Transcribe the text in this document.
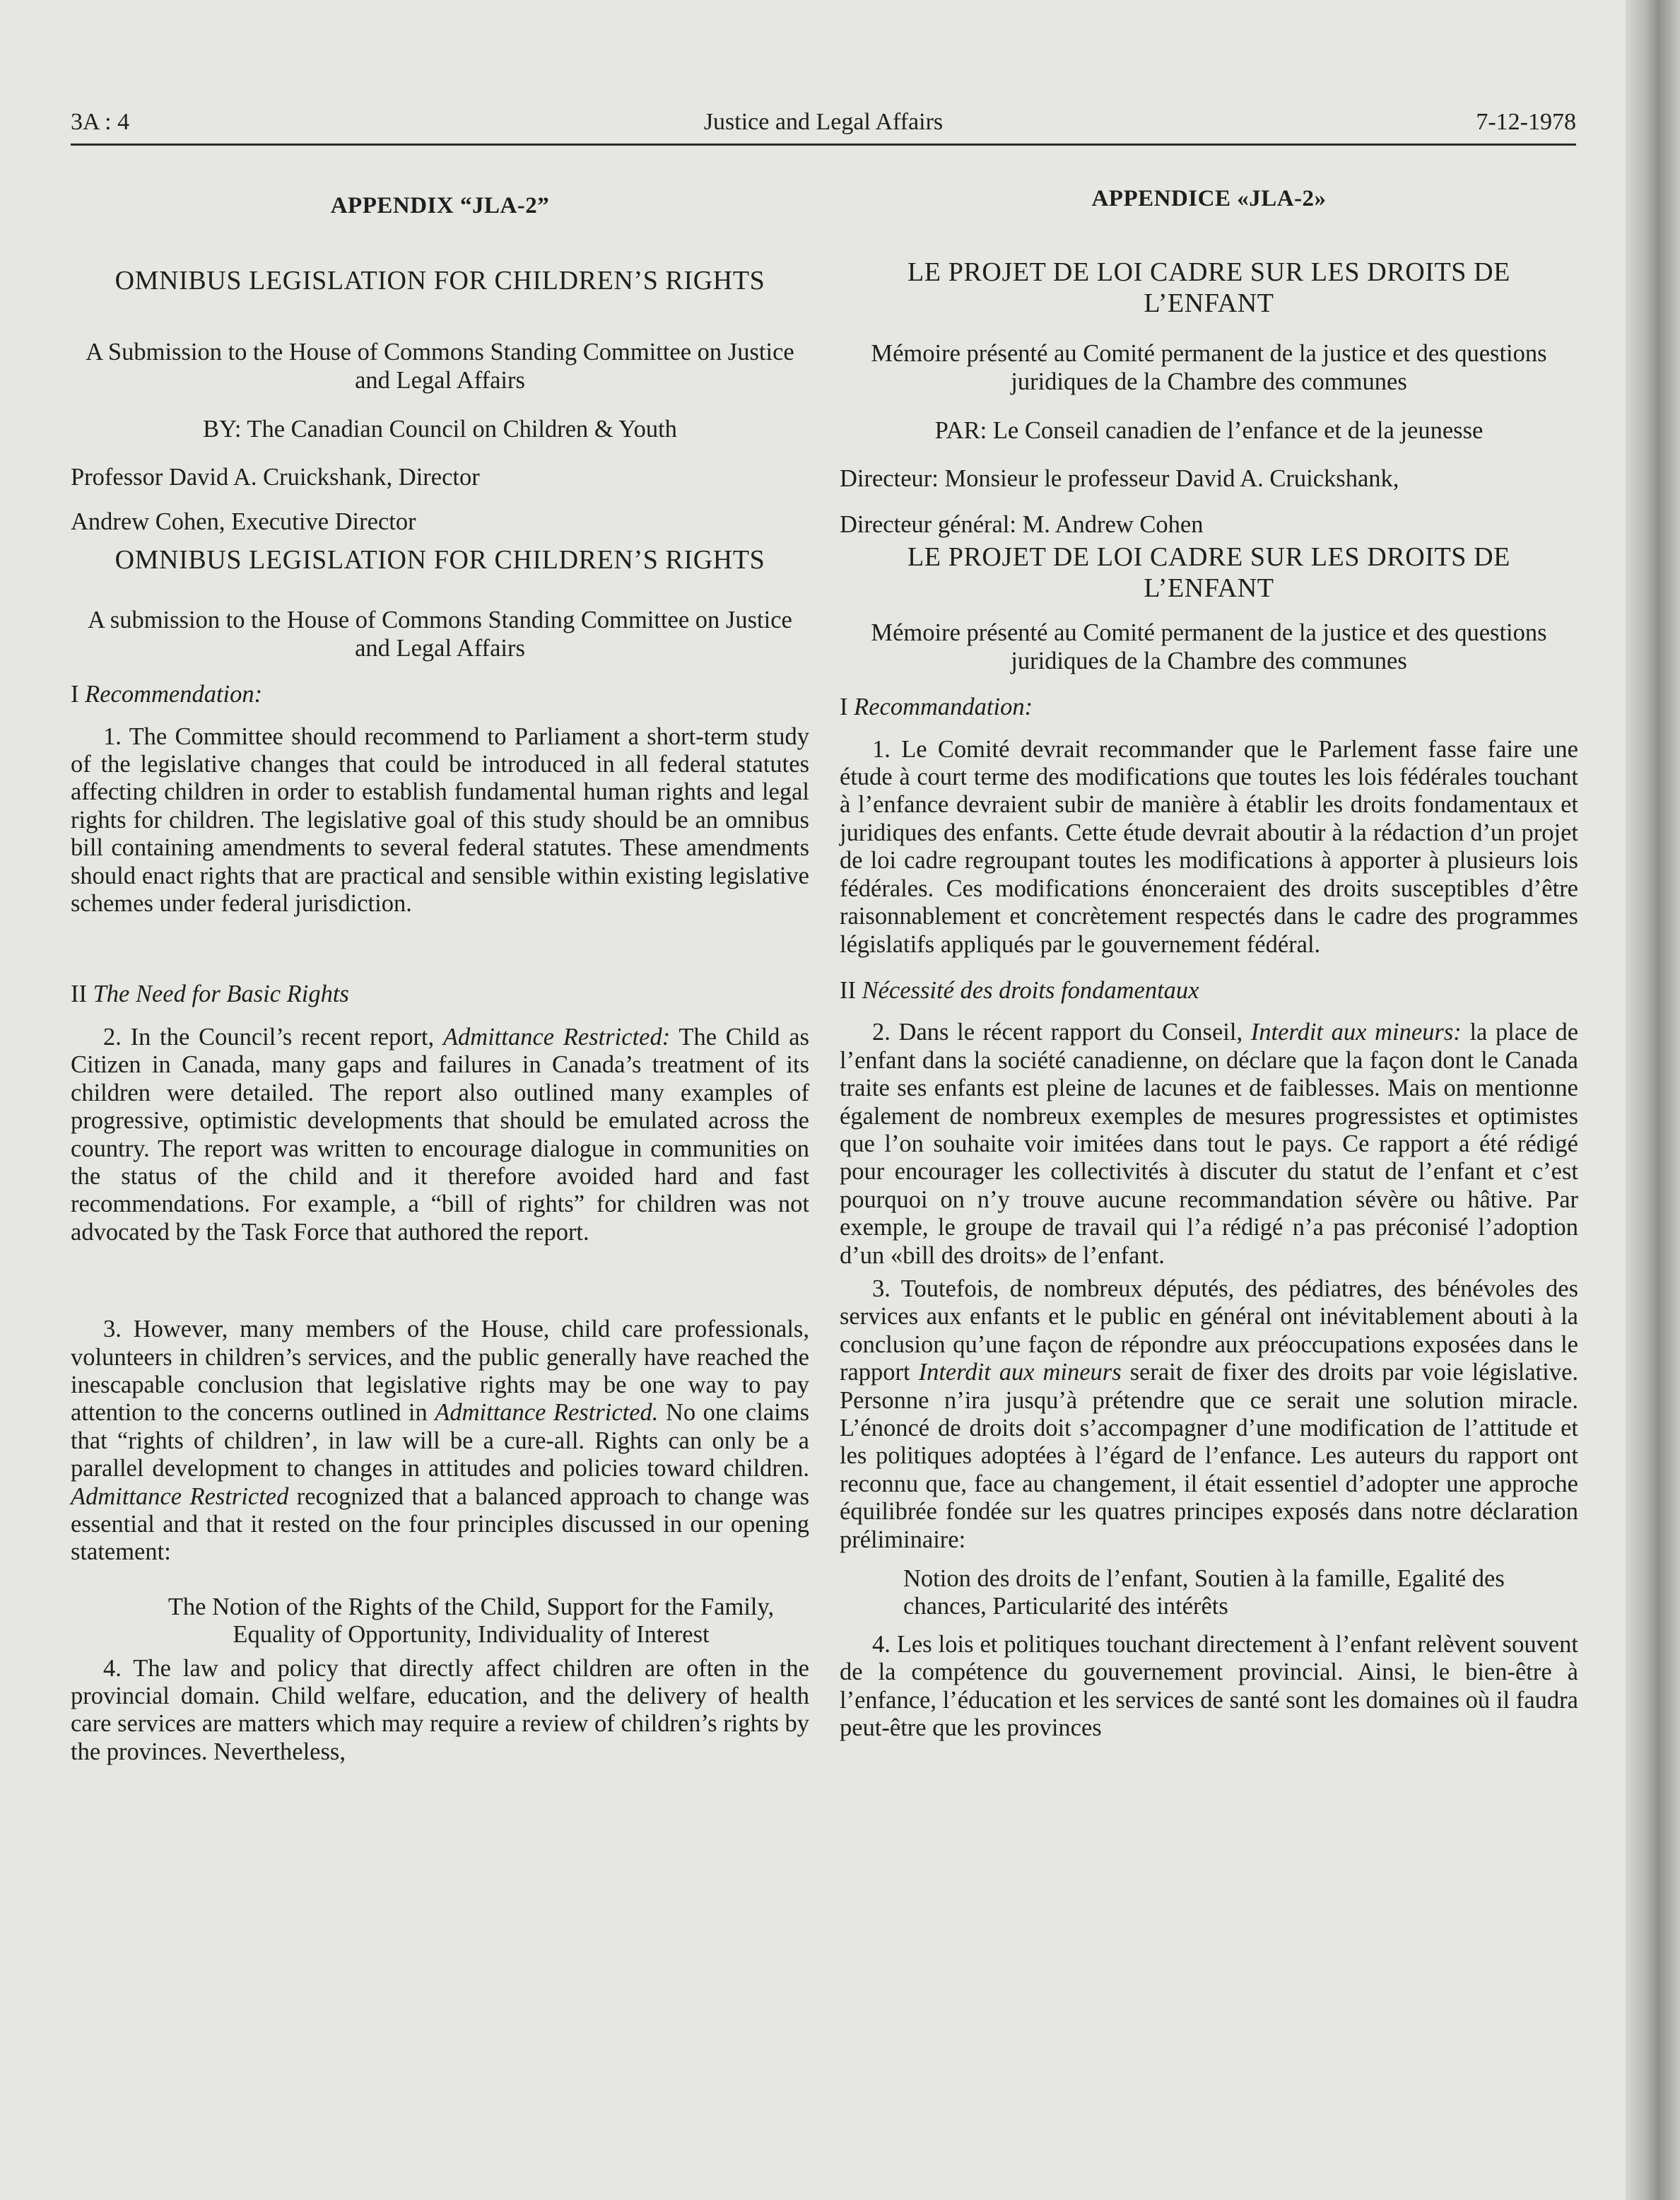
3A : 4	Justice and Legal Affairs	7-12-1978

APPENDIX “JLA-2”

OMNIBUS LEGISLATION FOR CHILDREN’S RIGHTS

A Submission to the House of Commons Standing Committee on Justice and Legal Affairs

BY: The Canadian Council on Children & Youth

Professor David A. Cruickshank, Director

Andrew Cohen, Executive Director

OMNIBUS LEGISLATION FOR CHILDREN’S RIGHTS

A submission to the House of Commons Standing Committee on Justice and Legal Affairs

I Recommendation:

1. The Committee should recommend to Parliament a short-term study of the legislative changes that could be introduced in all federal statutes affecting children in order to establish fundamental human rights and legal rights for children. The legislative goal of this study should be an omnibus bill containing amendments to several federal statutes. These amendments should enact rights that are practical and sensible within existing legislative schemes under federal jurisdiction.

II The Need for Basic Rights

2. In the Council’s recent report, Admittance Restricted: The Child as Citizen in Canada, many gaps and failures in Canada’s treatment of its children were detailed. The report also outlined many examples of progressive, optimistic developments that should be emulated across the country. The report was written to encourage dialogue in communities on the status of the child and it therefore avoided hard and fast recommendations. For example, a “bill of rights” for children was not advocated by the Task Force that authored the report.

3. However, many members of the House, child care professionals, volunteers in children’s services, and the public generally have reached the inescapable conclusion that legislative rights may be one way to pay attention to the concerns outlined in Admittance Restricted. No one claims that “rights of children’, in law will be a cure-all. Rights can only be a parallel development to changes in attitudes and policies toward children. Admittance Restricted recognized that a balanced approach to change was essential and that it rested on the four principles discussed in our opening statement:

The Notion of the Rights of the Child, Support for the Family, Equality of Opportunity, Individuality of Interest

4. The law and policy that directly affect children are often in the provincial domain. Child welfare, education, and the delivery of health care services are matters which may require a review of children’s rights by the provinces. Nevertheless,

APPENDICE «JLA-2»

LE PROJET DE LOI CADRE SUR LES DROITS DE L’ENFANT

Mémoire présenté au Comité permanent de la justice et des questions juridiques de la Chambre des communes

PAR: Le Conseil canadien de l’enfance et de la jeunesse

Directeur: Monsieur le professeur David A. Cruickshank,

Directeur général: M. Andrew Cohen

LE PROJET DE LOI CADRE SUR LES DROITS DE L’ENFANT

Mémoire présenté au Comité permanent de la justice et des questions juridiques de la Chambre des communes

I Recommandation:

1. Le Comité devrait recommander que le Parlement fasse faire une étude à court terme des modifications que toutes les lois fédérales touchant à l’enfance devraient subir de manière à établir les droits fondamentaux et juridiques des enfants. Cette étude devrait aboutir à la rédaction d’un projet de loi cadre regroupant toutes les modifications à apporter à plusieurs lois fédérales. Ces modifications énonceraient des droits susceptibles d’être raisonnablement et concrètement respectés dans le cadre des programmes législatifs appliqués par le gouvernement fédéral.

II Nécessité des droits fondamentaux

2. Dans le récent rapport du Conseil, Interdit aux mineurs: la place de l’enfant dans la société canadienne, on déclare que la façon dont le Canada traite ses enfants est pleine de lacunes et de faiblesses. Mais on mentionne également de nombreux exemples de mesures progressistes et optimistes que l’on souhaite voir imitées dans tout le pays. Ce rapport a été rédigé pour encourager les collectivités à discuter du statut de l’enfant et c’est pourquoi on n’y trouve aucune recommandation sévère ou hâtive. Par exemple, le groupe de travail qui l’a rédigé n’a pas préconisé l’adoption d’un «bill des droits» de l’enfant.

3. Toutefois, de nombreux députés, des pédiatres, des bénévoles des services aux enfants et le public en général ont inévitablement abouti à la conclusion qu’une façon de répondre aux préoccupations exposées dans le rapport Interdit aux mineurs serait de fixer des droits par voie législative. Personne n’ira jusqu’à prétendre que ce serait une solution miracle. L’énoncé de droits doit s’accompagner d’une modification de l’attitude et les politiques adoptées à l’égard de l’enfance. Les auteurs du rapport ont reconnu que, face au changement, il était essentiel d’adopter une approche équilibrée fondée sur les quatres principes exposés dans notre déclaration préliminaire:

Notion des droits de l’enfant, Soutien à la famille, Egalité des chances, Particularité des intérêts

4. Les lois et politiques touchant directement à l’enfant relèvent souvent de la compétence du gouvernement provincial. Ainsi, le bien-être à l’enfance, l’éducation et les services de santé sont les domaines où il faudra peut-être que les provinces
